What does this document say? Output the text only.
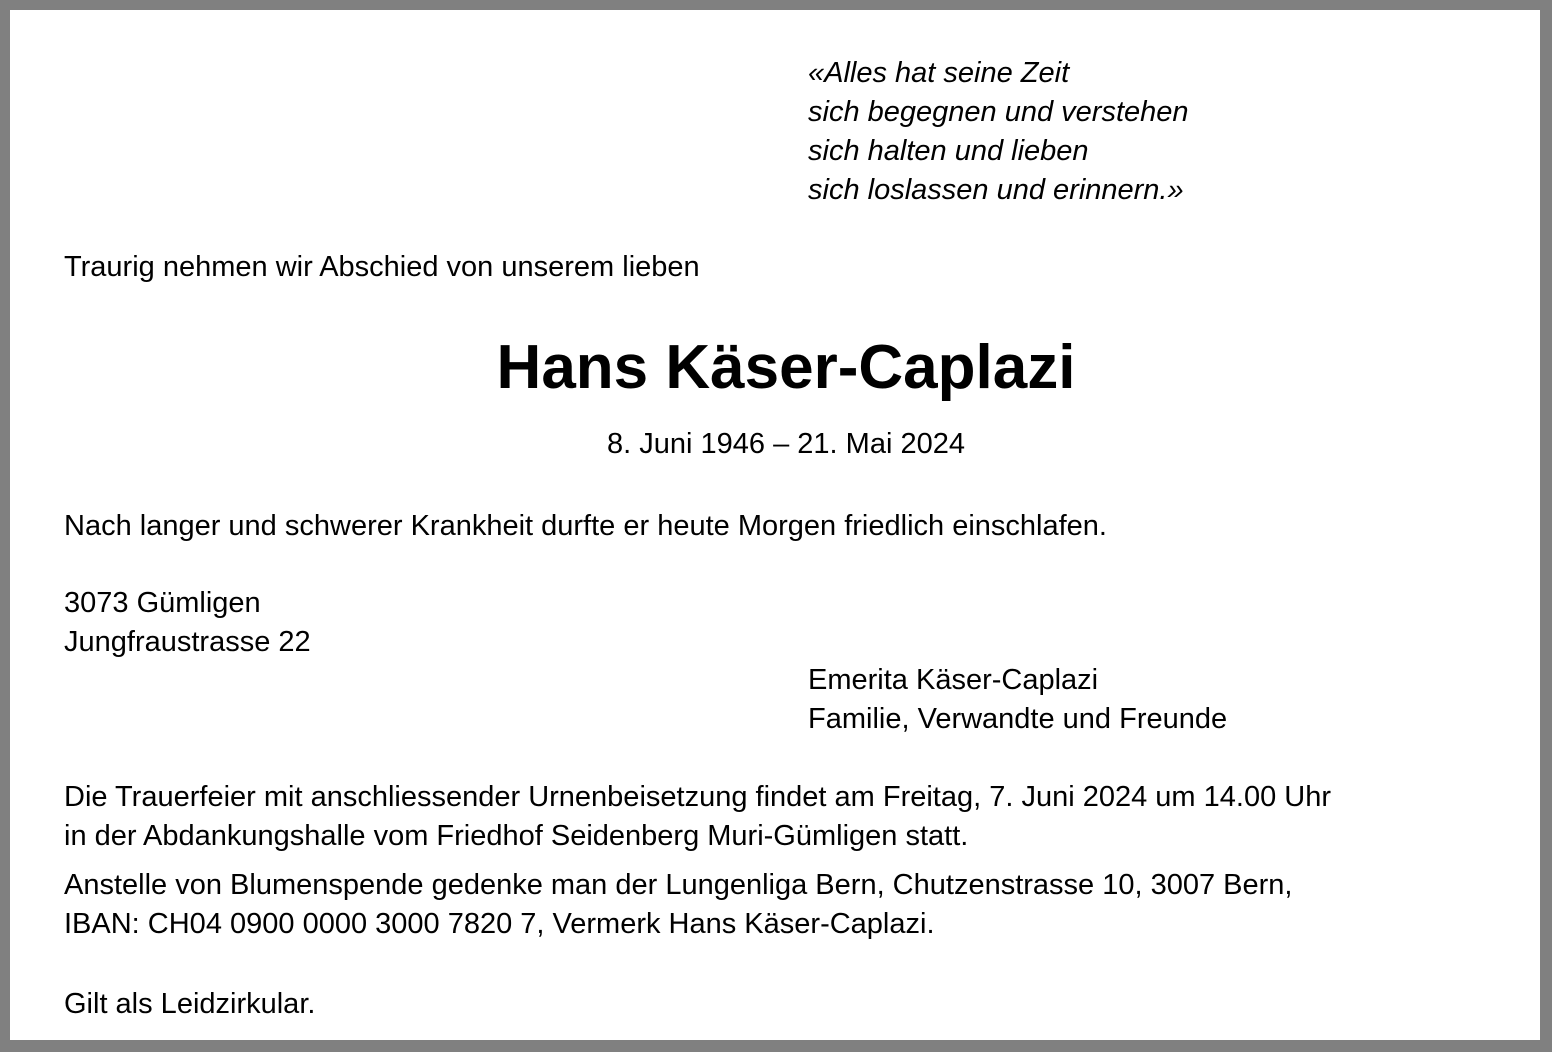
«Alles hat seine Zeit
sich begegnen und verstehen
sich halten und lieben
sich loslassen und erinnern.»

Traurig nehmen wir Abschied von unserem lieben

Hans Käser-Caplazi

8. Juni 1946 – 21. Mai 2024

Nach langer und schwerer Krankheit durfte er heute Morgen friedlich einschlafen.

3073 Gümligen
Jungfraustrasse 22
Emerita Käser-Caplazi
Familie, Verwandte und Freunde
Die Trauerfeier mit anschliessender Urnenbeisetzung findet am Freitag, 7. Juni 2024 um 14.00 Uhr
in der Abdankungshalle vom Friedhof Seidenberg Muri-Gümligen statt.
Anstelle von Blumenspende gedenke man der Lungenliga Bern, Chutzenstrasse 10, 3007 Bern,
IBAN: CH04 0900 0000 3000 7820 7, Vermerk Hans Käser-Caplazi.

Gilt als Leidzirkular.
